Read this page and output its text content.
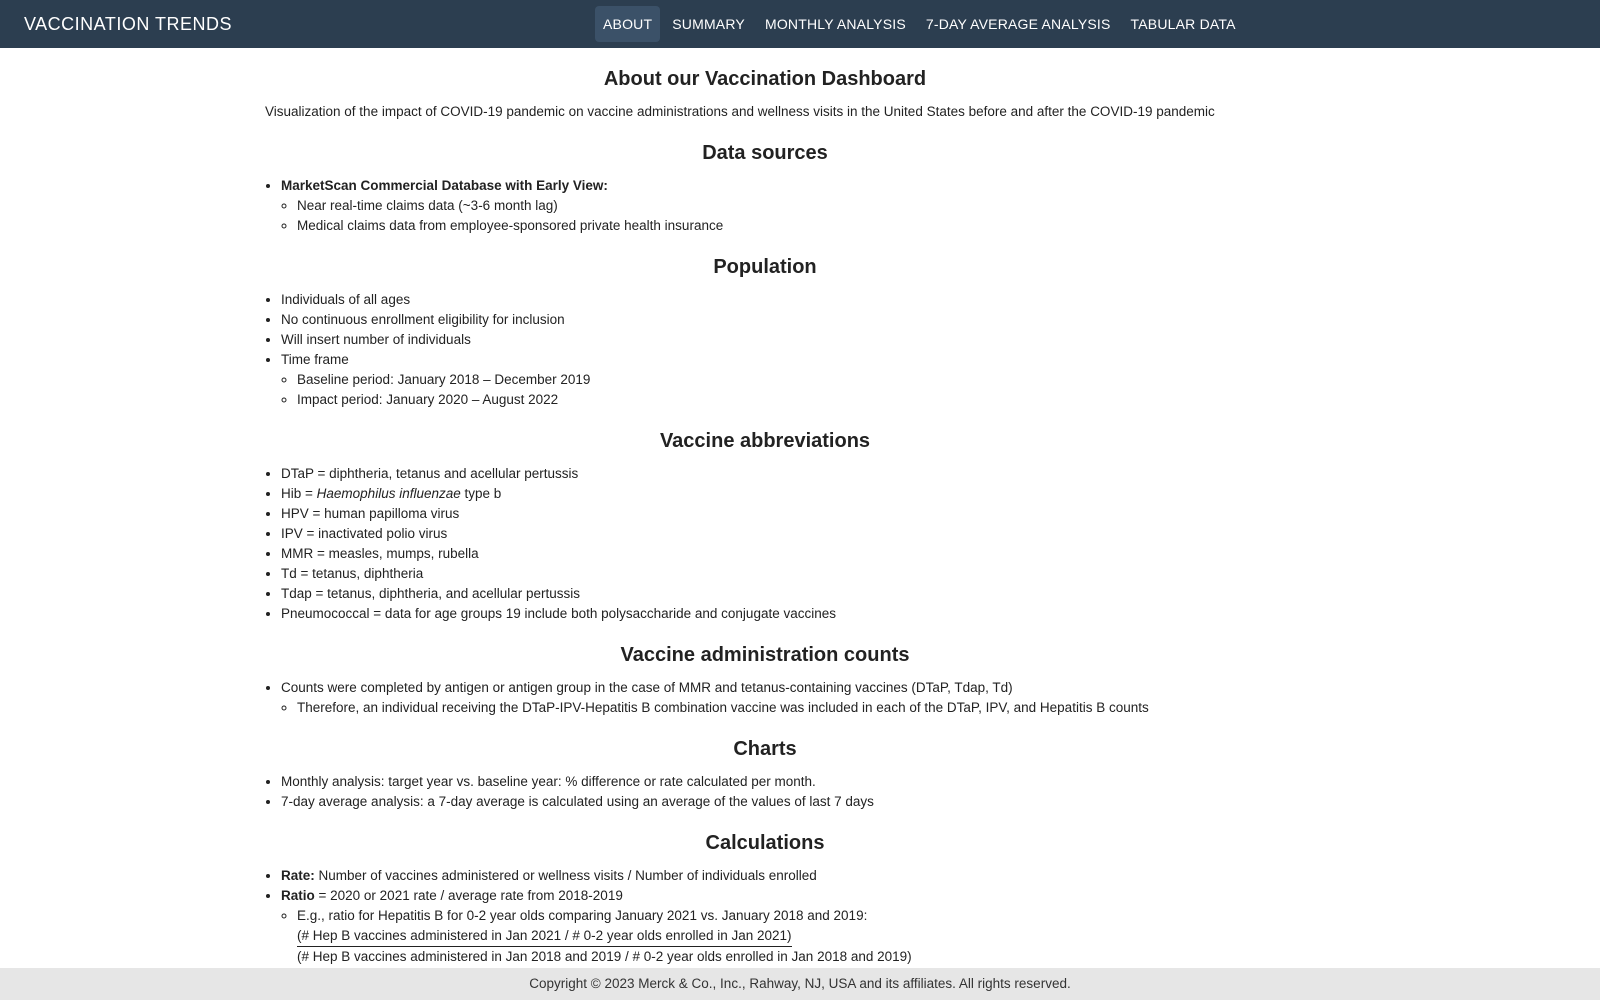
VACCINATION TRENDS	ABOUT	SUMMARY	MONTHLY ANALYSIS	7-DAY AVERAGE ANALYSIS	TABULAR DATA
About our Vaccination Dashboard

Visualization of the impact of COVID-19 pandemic on vaccine administrations and wellness visits in the United States before and after the COVID-19 pandemic

Data sources
• MarketScan Commercial Database with Early View:
◦ Near real-time claims data (~3-6 month lag)
◦ Medical claims data from employee-sponsored private health insurance
Population
• Individuals of all ages
• No continuous enrollment eligibility for inclusion
• Will insert number of individuals
• Time frame
◦ Baseline period: January 2018 – December 2019
◦ Impact period: January 2020 – August 2022
Vaccine abbreviations
• DTaP = diphtheria, tetanus and acellular pertussis
• Hib = Haemophilus influenzae type b
• HPV = human papilloma virus
• IPV = inactivated polio virus
• MMR = measles, mumps, rubella
• Td = tetanus, diphtheria
• Tdap = tetanus, diphtheria, and acellular pertussis
• Pneumococcal = data for age groups 19 include both polysaccharide and conjugate vaccines
Vaccine administration counts
• Counts were completed by antigen or antigen group in the case of MMR and tetanus-containing vaccines (DTaP, Tdap, Td)
◦ Therefore, an individual receiving the DTaP-IPV-Hepatitis B combination vaccine was included in each of the DTaP, IPV, and Hepatitis B counts
Charts
• Monthly analysis: target year vs. baseline year: % difference or rate calculated per month.
• 7-day average analysis: a 7-day average is calculated using an average of the values of last 7 days
Calculations
• Rate: Number of vaccines administered or wellness visits / Number of individuals enrolled
• Ratio = 2020 or 2021 rate / average rate from 2018-2019
◦ E.g., ratio for Hepatitis B for 0-2 year olds comparing January 2021 vs. January 2018 and 2019:
(# Hep B vaccines administered in Jan 2021 / # 0-2 year olds enrolled in Jan 2021)
(# Hep B vaccines administered in Jan 2018 and 2019 / # 0-2 year olds enrolled in Jan 2018 and 2019)
Copyright © 2023 Merck & Co., Inc., Rahway, NJ, USA and its affiliates. All rights reserved.
